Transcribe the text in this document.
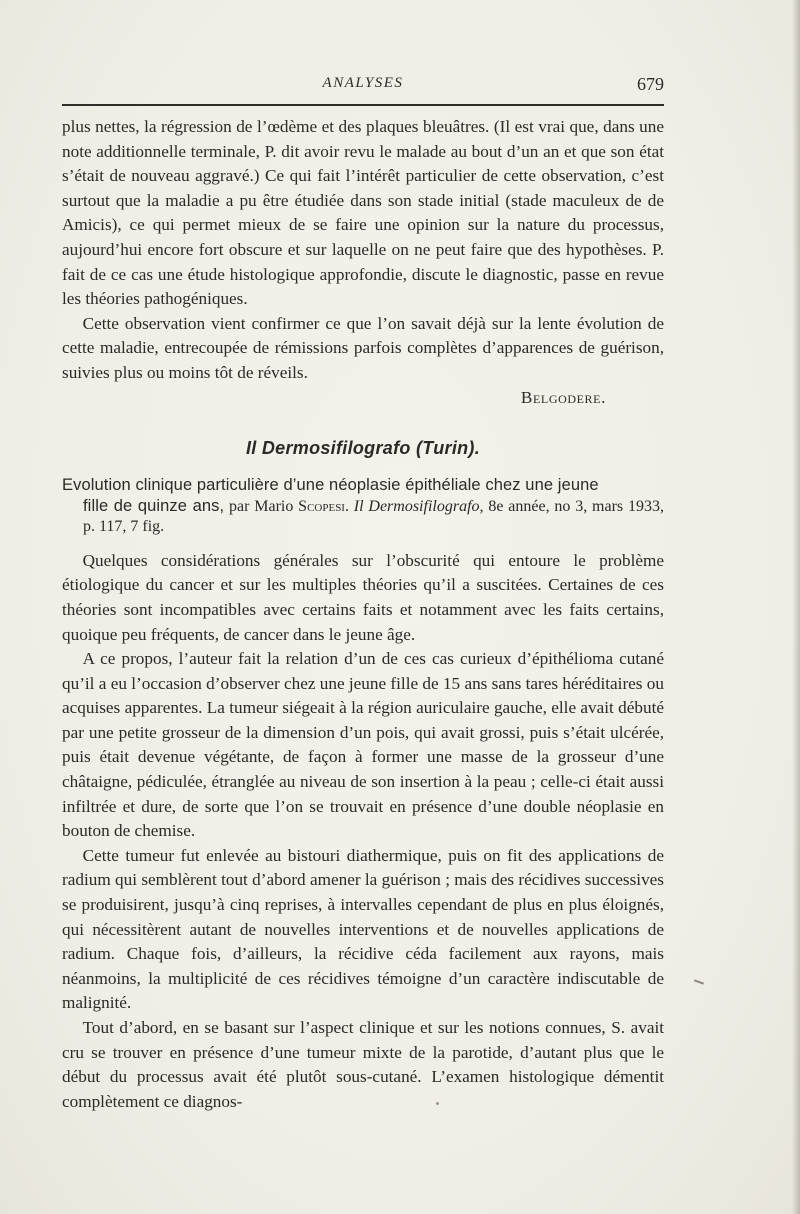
ANALYSES	679

plus nettes, la régression de l’œdème et des plaques bleuâtres. (Il est vrai que, dans une note additionnelle terminale, P. dit avoir revu le malade au bout d’un an et que son état s’était de nouveau aggravé.) Ce qui fait l’intérêt particulier de cette observation, c’est surtout que la maladie a pu être étudiée dans son stade initial (stade maculeux de de Amicis), ce qui permet mieux de se faire une opinion sur la nature du processus, aujourd’hui encore fort obscure et sur laquelle on ne peut faire que des hypothèses. P. fait de ce cas une étude histologique approfondie, discute le diagnostic, passe en revue les théories pathogéniques.

Cette observation vient confirmer ce que l’on savait déjà sur la lente évolution de cette maladie, entrecoupée de rémissions parfois complètes d’apparences de guérison, suivies plus ou moins tôt de réveils.

Belgodere.

Il Dermosifilografo (Turin).
Evolution clinique particulière d’une néoplasie épithéliale chez une jeune
fille de quinze ans, par Mario Scopesi. Il Dermosifilografo, 8e année, no 3, mars 1933, p. 117, 7 fig.

Quelques considérations générales sur l’obscurité qui entoure le problème étiologique du cancer et sur les multiples théories qu’il a suscitées. Certaines de ces théories sont incompatibles avec certains faits et notamment avec les faits certains, quoique peu fréquents, de cancer dans le jeune âge.

A ce propos, l’auteur fait la relation d’un de ces cas curieux d’épithélioma cutané qu’il a eu l’occasion d’observer chez une jeune fille de 15 ans sans tares héréditaires ou acquises apparentes. La tumeur siégeait à la région auriculaire gauche, elle avait débuté par une petite grosseur de la dimension d’un pois, qui avait grossi, puis s’était ulcérée, puis était devenue végétante, de façon à former une masse de la grosseur d’une châtaigne, pédiculée, étranglée au niveau de son insertion à la peau ; celle-ci était aussi infiltrée et dure, de sorte que l’on se trouvait en présence d’une double néoplasie en bouton de chemise.

Cette tumeur fut enlevée au bistouri diathermique, puis on fit des applications de radium qui semblèrent tout d’abord amener la guérison ; mais des récidives successives se produisirent, jusqu’à cinq reprises, à intervalles cependant de plus en plus éloignés, qui nécessitèrent autant de nouvelles interventions et de nouvelles applications de radium. Chaque fois, d’ailleurs, la récidive céda facilement aux rayons, mais néanmoins, la multiplicité de ces récidives témoigne d’un caractère indiscutable de malignité.

Tout d’abord, en se basant sur l’aspect clinique et sur les notions connues, S. avait cru se trouver en présence d’une tumeur mixte de la parotide, d’autant plus que le début du processus avait été plutôt sous-cutané. L’examen histologique démentit complètement ce diagnos-
